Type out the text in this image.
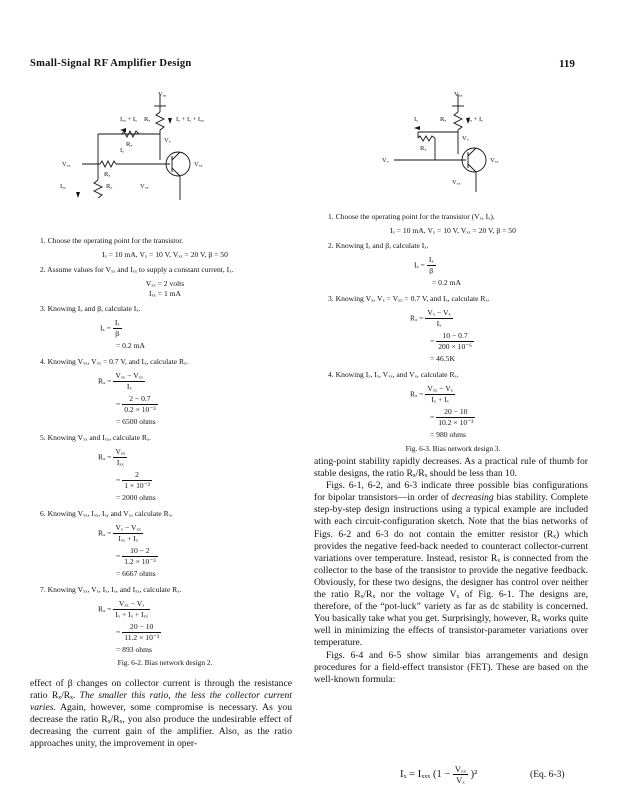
Small-Signal RF Amplifier Design	119
Vₐₐ
Iₓₓ + Iₓ Rₓ	Iₓ + Iₓ + Iₓₓ
Vₓ
Rₓ
Iₓ
Vₓₓ
Rₓ
Vₓₓ
Iₓₓ	Rₓ	Vₓₓ
Vₓₓ
Iₓ	Rₓ	Iₓ + Iₓ
Vₓ
Rₓ
Vₓ	Vₓₓ
Vₓₓ

1. Choose the operating point for the transistor.

Iₓ = 10 mA, Vₓ = 10 V, Vₓₓ = 20 V, β = 50

2. Assume values for Vₓₓ and Iₓₓ to supply a constant current, Iₓ.

Vₓₓ = 2 volts
Iₓₓ = 1 mA

3. Knowing Iₓ and β, calculate Iₓ.

$I_x = \frac{\text{Iₓ}}{\beta}$
= 0.2 mA

4. Knowing Vₓₓ, Vₓₓ = 0.7 V, and Iₓ, calculate Rₓ.

$R_x = \frac{\text{Vₓₓ − Vₓₓ}}{\text{Iₓ}}$
= $\frac{2 - 0.7}{\text{0.2 × 10⁻³}}$
= 6500 ohms

5. Knowing Vₓₓ and Iₓₓ, calculate Rₓ.

$R_x = \frac{\text{Vₓₓ}}{\text{Iₓₓ}}$
= $\frac{2}{\text{1 × 10⁻³}}$
= 2000 ohms

6. Knowing Vₓₓ, Iₓₓ, Iₓ, and Vₓ, calculate Rₓ.

$R_x = \frac{\text{Vₓ − Vₓₓ}}{\text{Iₓₓ + Iₓ}}$
= $\frac{10 - 2}{\text{1.2 × 10⁻³}}$
= 6667 ohms

7. Knowing Vₓₓ, Vₓ, Iₓ, Iₓ, and Iₓₓ, calculate Rₓ.

$R_x = \frac{\text{Vₓₓ − Vₓ}}{\text{Iₓ + Iₓ + Iₓₓ}}$
= $\frac{20 - 10}{\text{11.2 × 10⁻³}}$
= 893 ohms
Fig. 6-2. Bias network design 2.

1. Choose the operating point for the transistor (Vₓ, Iₓ).

Iₓ = 10 mA, Vₓ = 10 V, Vₓₓ = 20 V, β = 50

2. Knowing Iₓ and β, calculate Iₓ.

$I_x = \frac{\text{Iₓ}}{\beta}$
= 0.2 mA

3. Knowing Vₓ, Vₓ = Vₓₓ = 0.7 V, and Iₓ, calculate Rₓ.

$R_x = \frac{\text{Vₓ − Vₓ}}{\text{Iₓ}}$
= $\frac{10 - 0.7}{\text{200 × 10⁻⁶}}$
= 46.5K

4. Knowing Iₓ, Iₓ, Vₓₓ, and Vₓ, calculate Rₓ.

$R_x = \frac{\text{Vₓₓ − Vₓ}}{\text{Iₓ + Iₓ}}$
= $\frac{20 - 10}{\text{10.2 × 10⁻³}}$
= 980 ohms
Fig. 6-3. Bias network design 3.

effect of β changes on collector current is through the resistance ratio Rₓ/Rₓ. The smaller this ratio, the less the collector current varies. Again, however, some compromise is necessary. As you decrease the ratio Rₓ/Rₓ, you also produce the undesirable effect of decreasing the current gain of the amplifier. Also, as the ratio approaches unity, the improvement in oper-

ating-point stability rapidly decreases. As a practical rule of thumb for stable designs, the ratio Rₓ/Rₓ should be less than 10.

Figs. 6-1, 6-2, and 6-3 indicate three possible bias configurations for bipolar transistors—in order of decreasing bias stability. Complete step-by-step design instructions using a typical example are included with each circuit-configuration sketch. Note that the bias networks of Figs. 6-2 and 6-3 do not contain the emitter resistor (Rₓ) which provides the negative feed-back needed to counteract collector-current variations over temperature. Instead, resistor Rₓ is connected from the collector to the base of the transistor to provide the negative feedback. Obviously, for these two designs, the designer has control over neither the ratio Rₓ/Rₓ nor the voltage Vₓ of Fig. 6-1. The designs are, therefore, of the “pot-luck” variety as far as dc stability is concerned. You basically take what you get. Surprisingly, however, Rₓ works quite well in minimizing the effects of transistor-parameter variations over temperature.

Figs. 6-4 and 6-5 show similar bias arrangements and design procedures for a field-effect transistor (FET). These are based on the well-known formula:

Iₓ = Iₓₓₓ $(1 - \frac{\text{Vₓₓ}}{\text{Vₓ}} )^2$	(Eq. 6-3)
